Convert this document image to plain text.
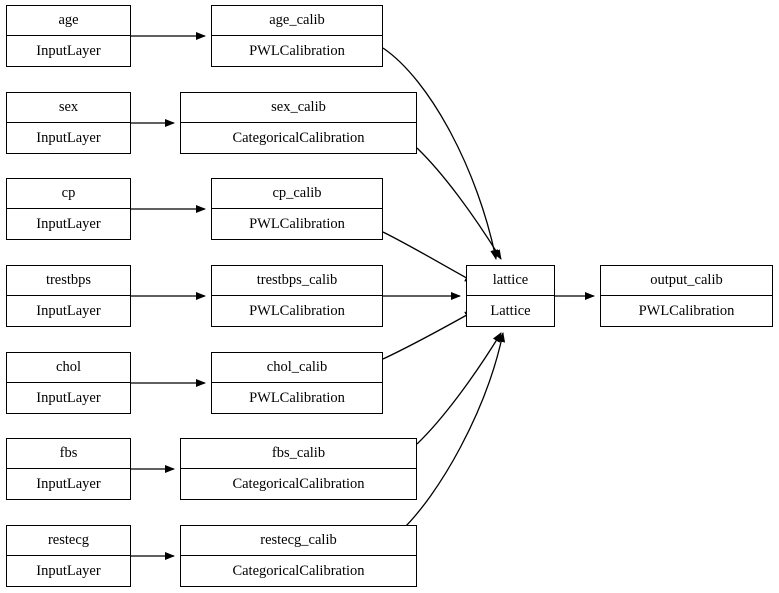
age
InputLayer
age_calib
PWLCalibration
sex
InputLayer
sex_calib
CategoricalCalibration
cp
InputLayer
cp_calib
PWLCalibration
trestbps
InputLayer
trestbps_calib
PWLCalibration
chol
InputLayer
chol_calib
PWLCalibration
fbs
InputLayer
fbs_calib
CategoricalCalibration
restecg
InputLayer
restecg_calib
CategoricalCalibration
lattice
Lattice
output_calib
PWLCalibration
